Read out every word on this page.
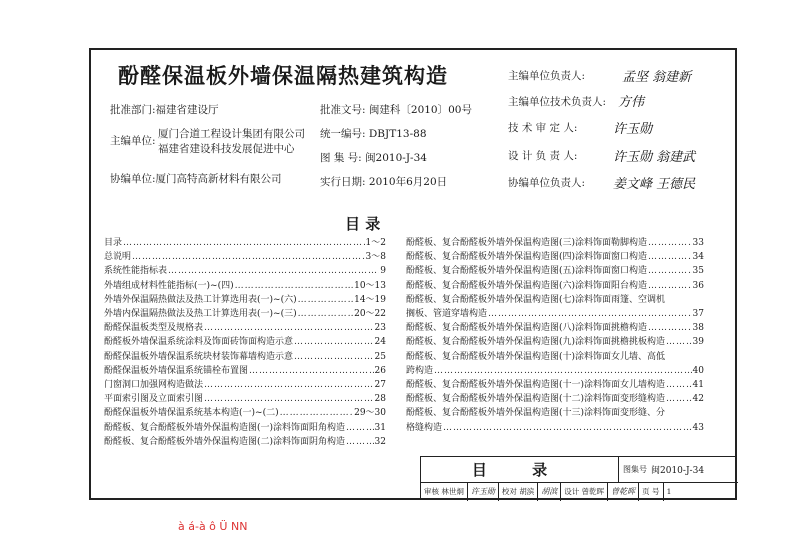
酚醛保温板外墙保温隔热建筑构造
批准部门:福建省建设厅
主编单位:
厦门合道工程设计集团有限公司
福建省建设科技发展促进中心
协编单位:厦门高特高新材料有限公司
批准文号: 闽建科〔2010〕00号
统一编号: DBJT13-88
图 集 号: 闽2010-J-34
实行日期: 2010年6月20日
主编单位负责人:	孟坚 翁建新
主编单位技术负责人: 方伟
技 术 审 定 人:	许玉勋
设 计 负 责 人:	许玉勋 翁建武
协编单位负责人: 姜文峰 王德民
目 录
目录 ……………………………………………………………………………………………………………………………………	1～2
总说明 ……………………………………………………………………………………………………………………………………	3～8
系统性能指标表 ……………………………………………………………………………………………………………………………………	9
外墙组成材料性能指标(一)~(四) ……………………………………………………………………………………………………………………………………	10～13
外墙外保温隔热做法及热工计算选用表(一)~(六) ……………………………………………………………………………………………………………………………………	14～19
外墙内保温隔热做法及热工计算选用表(一)~(三) ……………………………………………………………………………………………………………………………………	20～22
酚醛保温板类型及规格表 ……………………………………………………………………………………………………………………………………	23
酚醛板外墙保温系统涂料及饰面砖饰面构造示意 ……………………………………………………………………………………………………………………………………	24
酚醛保温板外墙保温系统块材装饰幕墙构造示意 ……………………………………………………………………………………………………………………………………	25
酚醛保温板外墙保温系统锚栓布置图 ……………………………………………………………………………………………………………………………………	26
门窗洞口加强网构造做法 ……………………………………………………………………………………………………………………………………	27
平面索引图及立面索引图 ……………………………………………………………………………………………………………………………………	28
酚醛保温板外墙保温系统基本构造(一)~(二) ……………………………………………………………………………………………………………………………………	29～30
酚醛板、复合酚醛板外墙外保温构造图(一)涂料饰面阳角构造 ……………………………………………………………………………………………………………………………………	31
酚醛板、复合酚醛板外墙外保温构造图(二)涂料饰面阴角构造 ……………………………………………………………………………………………………………………………………	32
酚醛板、复合酚醛板外墙外保温构造图(三)涂料饰面勒脚构造 ……………………………………………………………………………………………………………………………………	33
酚醛板、复合酚醛板外墙外保温构造图(四)涂料饰面窗口构造 ……………………………………………………………………………………………………………………………………	34
酚醛板、复合酚醛板外墙外保温构造图(五)涂料饰面窗口构造 ……………………………………………………………………………………………………………………………………	35
酚醛板、复合酚醛板外墙外保温构造图(六)涂料饰面阳台构造 ……………………………………………………………………………………………………………………………………	36
酚醛板、复合酚醛板外墙外保温构造图(七)涂料饰面雨篷、空调机
搁板、管道穿墙构造 ……………………………………………………………………………………………………………………………………	37
酚醛板、复合酚醛板外墙外保温构造图(八)涂料饰面挑檐构造 ……………………………………………………………………………………………………………………………………	38
酚醛板、复合酚醛板外墙外保温构造图(九)涂料饰面挑檐挑板构造 ……………………………………………………………………………………………………………………………………	39
酚醛板、复合酚醛板外墙外保温构造图(十)涂料饰面女儿墙、高低
跨构造 ……………………………………………………………………………………………………………………………………	40
酚醛板、复合酚醛板外墙外保温构造图(十一)涂料饰面女儿墙构造 ……………………………………………………………………………………………………………………………………	41
酚醛板、复合酚醛板外墙外保温构造图(十二)涂料饰面变形缝构造 ……………………………………………………………………………………………………………………………………	42
酚醛板、复合酚醛板外墙外保温构造图(十三)涂料饰面变形缝、分
格缝构造 ……………………………………………………………………………………………………………………………………	43
目 录	图集号 闽2010-J-34
审核 林世炯 许玉勋 校对 胡滨 胡滨 设计 曾乾晖 曾乾晖 页 号 1
à á-à ô Ü NN
